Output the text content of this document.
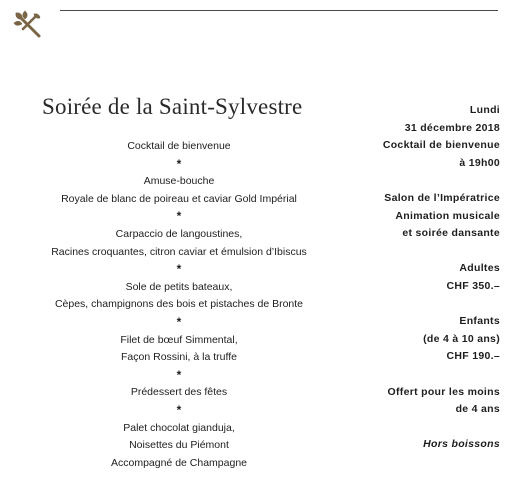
Soirée de la Saint-Sylvestre
Cocktail de bienvenue
*
Amuse-bouche
Royale de blanc de poireau et caviar Gold Impérial
*
Carpaccio de langoustines,
Racines croquantes, citron caviar et émulsion d’Ibiscus
*
Sole de petits bateaux,
Cèpes, champignons des bois et pistaches de Bronte
*
Filet de bœuf Simmental,
Façon Rossini, à la truffe
*
Prédessert des fêtes
*
Palet chocolat gianduja,
Noisettes du Piémont
Accompagné de Champagne
Lundi
31 décembre 2018
Cocktail de bienvenue
à 19h00
Salon de l’Impératrice
Animation musicale
et soirée dansante
Adultes
CHF 350.–
Enfants
(de 4 à 10 ans)
CHF 190.–
Offert pour les moins
de 4 ans
Hors boissons
